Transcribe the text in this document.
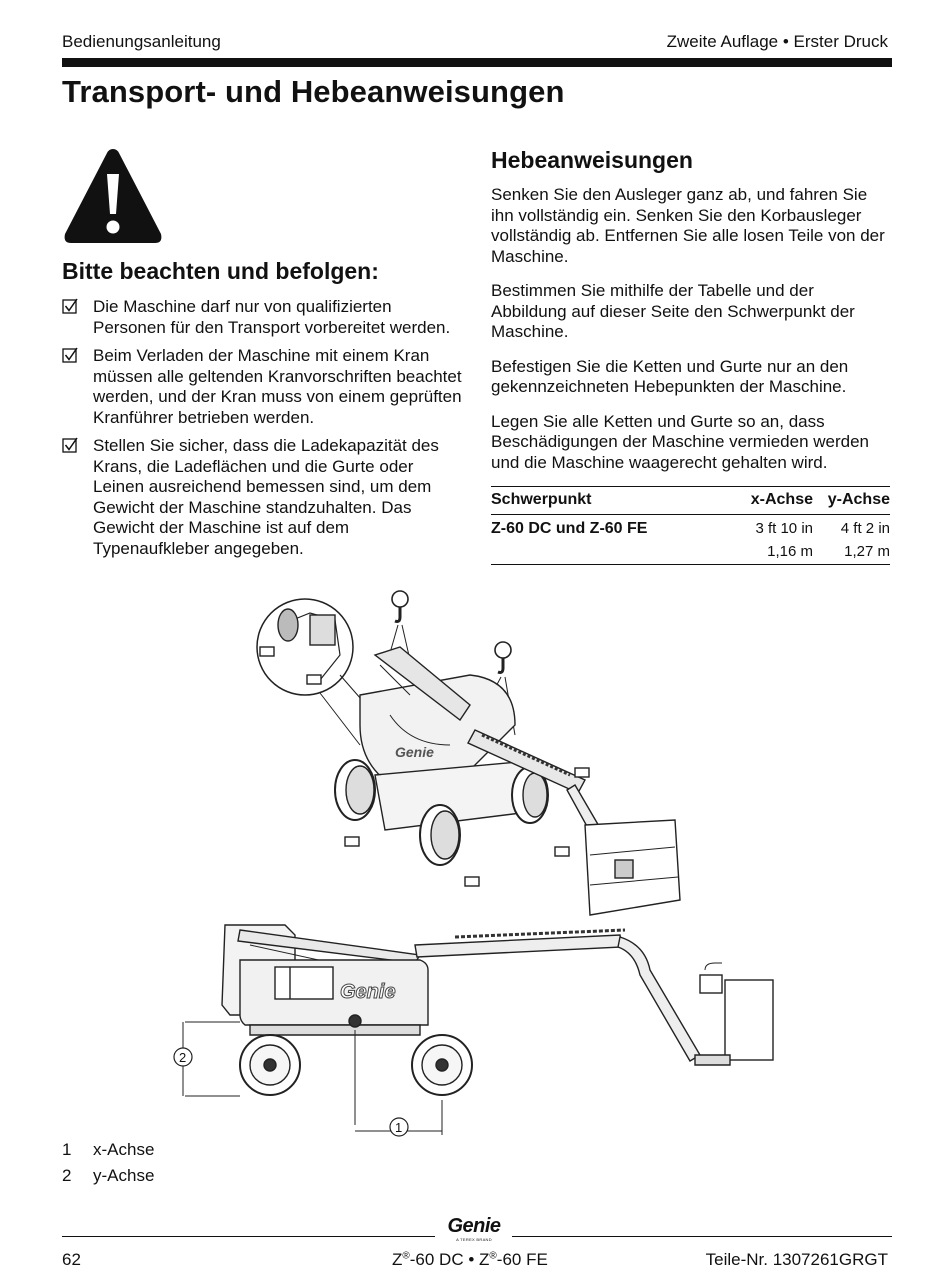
Bedienungsanleitung	Zweite Auflage • Erster Druck
Transport- und Hebeanweisungen
Bitte beachten und befolgen:
Die Maschine darf nur von qualifizierten Personen für den Transport vorbereitet werden.
Beim Verladen der Maschine mit einem Kran müssen alle geltenden Kranvorschriften beachtet werden, und der Kran muss von einem geprüften Kranführer betrieben werden.
Stellen Sie sicher, dass die Ladekapazität des Krans, die Ladeflächen und die Gurte oder Leinen ausreichend bemessen sind, um dem Gewicht der Maschine standzuhalten. Das Gewicht der Maschine ist auf dem Typenaufkleber angegeben.
Hebeanweisungen

Senken Sie den Ausleger ganz ab, und fahren Sie ihn vollständig ein. Senken Sie den Korbausleger vollständig ab. Entfernen Sie alle losen Teile von der Maschine.

Bestimmen Sie mithilfe der Tabelle und der Abbildung auf dieser Seite den Schwerpunkt der Maschine.

Befestigen Sie die Ketten und Gurte nur an den gekennzeichneten Hebepunkten der Maschine.

Legen Sie alle Ketten und Gurte so an, dass Beschädigungen der Maschine vermieden werden und die Maschine waagerecht gehalten wird.

Schwerpunkt	x-Achse	y-Achse
Z-60 DC und Z-60 FE	3 ft 10 in	4 ft 2 in
	1,16 m	1,27 m
Genie
Genie
2
1
1 x-Achse
2 y-Achse
Genie
A TEREX BRAND
62	Z®-60 DC • Z®-60 FE	Teile-Nr. 1307261GRGT
